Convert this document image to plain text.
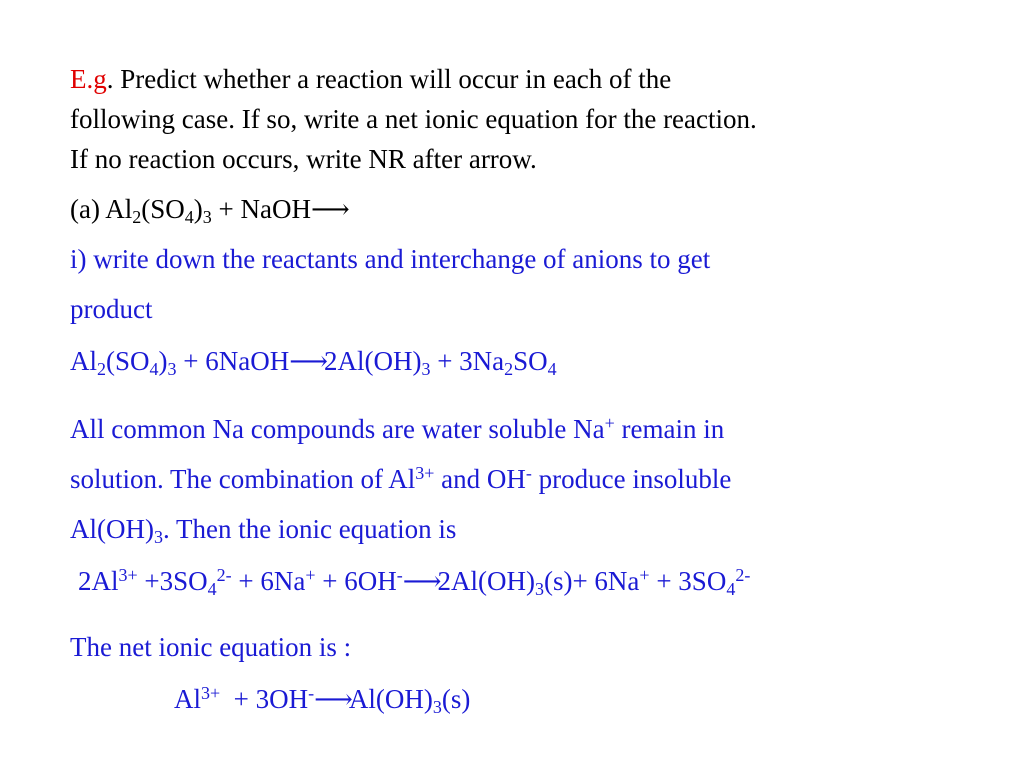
E.g. Predict whether a reaction will occur in each of the
following case. If so, write a net ionic equation for the reaction.
If no reaction occurs, write NR after arrow.
(a) $Al_2(SO_4)_3$ + NaOH⟶
i) write down the reactants and interchange of anions to get
product
$Al_2(SO_4)_3$ + $6NaOH⟶2Al(OH)_3 + 3Na_2SO_4$
All common Na compounds are water soluble Na+ remain in
solution. The combination of $Al^{3+}$ and OH- produce insoluble
$Al(OH)_3$. Then the ionic equation is
$2Al^{3+} +3SO_4^{2-} + 6Na^+$ + $6OH^-⟶2Al(OH)_3(s)+ 6Na^+ + 3SO_4^{2-}$
The net ionic equation is :
$Al^{3+}$  + $3OH^-⟶Al(OH)_3(s)$
